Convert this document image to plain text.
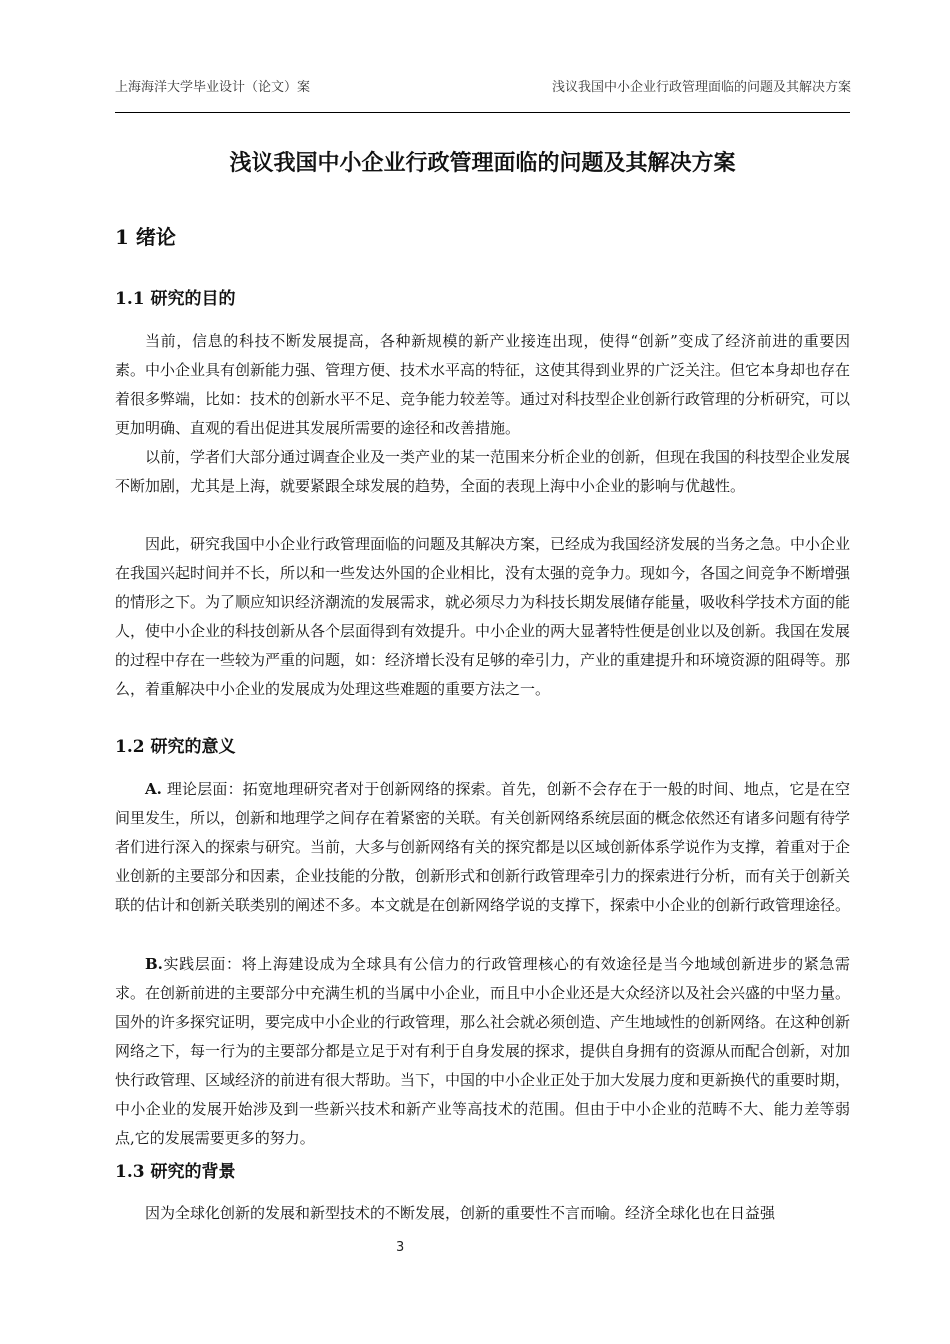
上海海洋大学毕业设计（论文）案	浅议我国中小企业行政管理面临的问题及其解决方案
浅议我国中小企业行政管理面临的问题及其解决方案
1 绪论
1.1 研究的目的

当前，信息的科技不断发展提高，各种新规模的新产业接连出现，使得“创新”变成了经济前进的重要因素。中小企业具有创新能力强、管理方便、技术水平高的特征，这使其得到业界的广泛关注。但它本身却也存在着很多弊端，比如：技术的创新水平不足、竞争能力较差等。通过对科技型企业创新行政管理的分析研究，可以更加明确、直观的看出促进其发展所需要的途径和改善措施。

以前，学者们大部分通过调查企业及一类产业的某一范围来分析企业的创新，但现在我国的科技型企业发展不断加剧，尤其是上海，就要紧跟全球发展的趋势，全面的表现上海中小企业的影响与优越性。

因此，研究我国中小企业行政管理面临的问题及其解决方案，已经成为我国经济发展的当务之急。中小企业在我国兴起时间并不长，所以和一些发达外国的企业相比，没有太强的竞争力。现如今，各国之间竞争不断增强的情形之下。为了顺应知识经济潮流的发展需求，就必须尽力为科技长期发展储存能量，吸收科学技术方面的能人，使中小企业的科技创新从各个层面得到有效提升。中小企业的两大显著特性便是创业以及创新。我国在发展的过程中存在一些较为严重的问题，如：经济增长没有足够的牵引力，产业的重建提升和环境资源的阻碍等。那么，着重解决中小企业的发展成为处理这些难题的重要方法之一。

1.2 研究的意义

A. 理论层面：拓宽地理研究者对于创新网络的探索。首先，创新不会存在于一般的时间、地点，它是在空间里发生，所以，创新和地理学之间存在着紧密的关联。有关创新网络系统层面的概念依然还有诸多问题有待学者们进行深入的探索与研究。当前，大多与创新网络有关的探究都是以区域创新体系学说作为支撑，着重对于企业创新的主要部分和因素，企业技能的分散，创新形式和创新行政管理牵引力的探索进行分析，而有关于创新关联的估计和创新关联类别的阐述不多。本文就是在创新网络学说的支撑下，探索中小企业的创新行政管理途径。

B.实践层面：将上海建设成为全球具有公信力的行政管理核心的有效途径是当今地域创新进步的紧急需求。在创新前进的主要部分中充满生机的当属中小企业，而且中小企业还是大众经济以及社会兴盛的中坚力量。国外的许多探究证明，要完成中小企业的行政管理，那么社会就必须创造、产生地域性的创新网络。在这种创新网络之下，每一行为的主要部分都是立足于对有利于自身发展的探求，提供自身拥有的资源从而配合创新，对加快行政管理、区域经济的前进有很大帮助。当下，中国的中小企业正处于加大发展力度和更新换代的重要时期，中小企业的发展开始涉及到一些新兴技术和新产业等高技术的范围。但由于中小企业的范畴不大、能力差等弱点,它的发展需要更多的努力。

1.3 研究的背景

因为全球化创新的发展和新型技术的不断发展，创新的重要性不言而喻。经济全球化也在日益强

3
